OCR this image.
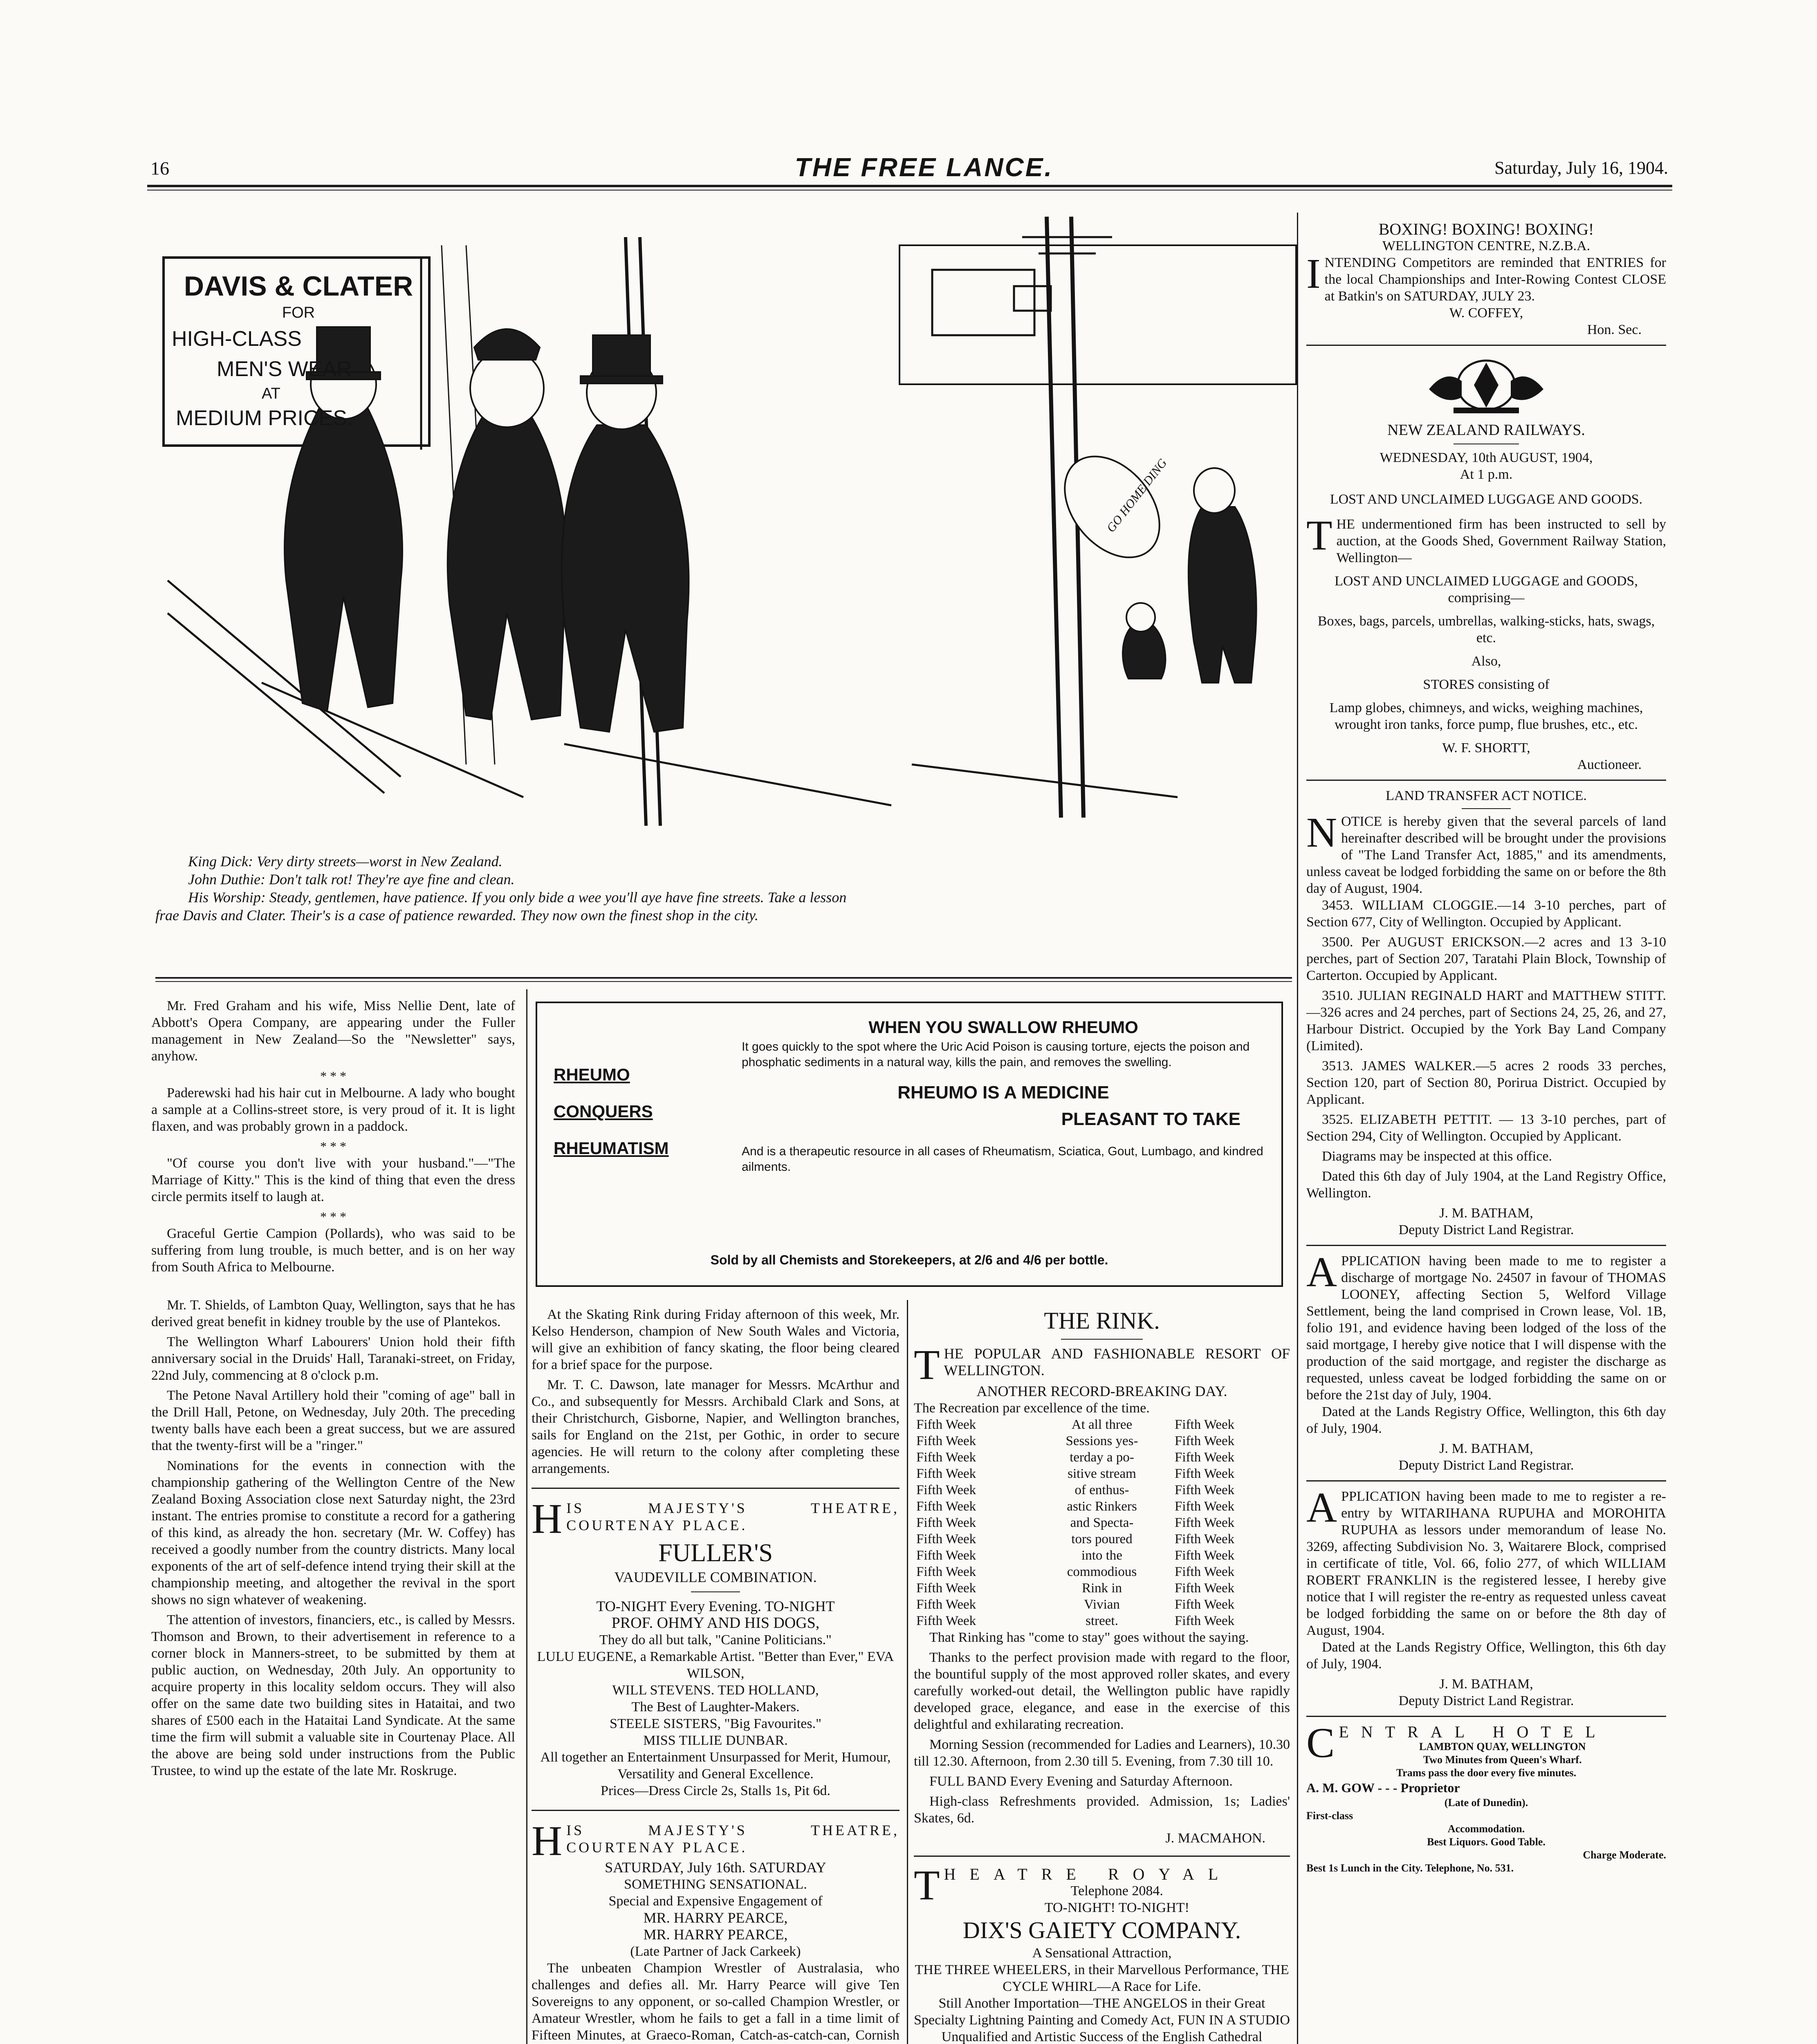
16	THE FREE LANCE.	Saturday, July 16, 1904.
GO HOME DING
DAVIS & CLATER
FOR
HIGH-CLASS
MEN'S WEAR
AT
MEDIUM PRICES.
King Dick: Very dirty streets—worst in New Zealand.
John Duthie: Don't talk rot! They're aye fine and clean.
His Worship: Steady, gentlemen, have patience. If you only bide a wee you'll aye have fine streets. Take a lesson
frae Davis and Clater. Their's is a case of patience rewarded. They now own the finest shop in the city.

Mr. Fred Graham and his wife, Miss Nellie Dent, late of Abbott's Opera Company, are appearing under the Fuller management in New Zealand—So the "Newsletter" says, anyhow.

* * *

Paderewski had his hair cut in Melbourne. A lady who bought a sample at a Collins-street store, is very proud of it. It is light flaxen, and was probably grown in a paddock.

* * *

"Of course you don't live with your husband."—"The Marriage of Kitty." This is the kind of thing that even the dress circle permits itself to laugh at.

* * *

Graceful Gertie Campion (Pollards), who was said to be suffering from lung trouble, is much better, and is on her way from South Africa to Melbourne.

Mr. T. Shields, of Lambton Quay, Wellington, says that he has derived great benefit in kidney trouble by the use of Plantekos.

The Wellington Wharf Labourers' Union hold their fifth anniversary social in the Druids' Hall, Taranaki-street, on Friday, 22nd July, commencing at 8 o'clock p.m.

The Petone Naval Artillery hold their "coming of age" ball in the Drill Hall, Petone, on Wednesday, July 20th. The preceding twenty balls have each been a great success, but we are assured that the twenty-first will be a "ringer."

Nominations for the events in connection with the championship gathering of the Wellington Centre of the New Zealand Boxing Association close next Saturday night, the 23rd instant. The entries promise to constitute a record for a gathering of this kind, as already the hon. secretary (Mr. W. Coffey) has received a goodly number from the country districts. Many local exponents of the art of self-defence intend trying their skill at the championship meeting, and altogether the revival in the sport shows no sign whatever of weakening.

The attention of investors, financiers, etc., is called by Messrs. Thomson and Brown, to their advertisement in reference to a corner block in Manners-street, to be submitted by them at public auction, on Wednesday, 20th July. An opportunity to acquire property in this locality seldom occurs. They will also offer on the same date two building sites in Hataitai, and two shares of £500 each in the Hataitai Land Syndicate. At the same time the firm will submit a valuable site in Courtenay Place. All the above are being sold under instructions from the Public Trustee, to wind up the estate of the late Mr. Roskruge.

RHEUMO
CONQUERS
RHEUMATISM
WHEN YOU SWALLOW RHEUMO
It goes quickly to the spot where the Uric Acid Poison is causing torture, ejects the poison and phosphatic sediments in a natural way, kills the pain, and removes the swelling.
RHEUMO IS A MEDICINE
PLEASANT TO TAKE
And is a therapeutic resource in all cases of Rheumatism, Sciatica, Gout, Lumbago, and kindred ailments.
Sold by all Chemists and Storekeepers, at 2/6 and 4/6 per bottle.

At the Skating Rink during Friday afternoon of this week, Mr. Kelso Henderson, champion of New South Wales and Victoria, will give an exhibition of fancy skating, the floor being cleared for a brief space for the purpose.

Mr. T. C. Dawson, late manager for Messrs. McArthur and Co., and subsequently for Messrs. Archibald Clark and Sons, at their Christchurch, Gisborne, Napier, and Wellington branches, sails for England on the 21st, per Gothic, in order to secure agencies. He will return to the colony after completing these arrangements.

HIS MAJESTY'S THEATRE, COURTENAY PLACE.
FULLER'S
VAUDEVILLE COMBINATION.
TO-NIGHT Every Evening. TO-NIGHT
PROF. OHMY AND HIS DOGS,
They do all but talk, "Canine Politicians."
LULU EUGENE, a Remarkable Artist. "Better than Ever," EVA WILSON,
WILL STEVENS. TED HOLLAND,
The Best of Laughter-Makers.
STEELE SISTERS, "Big Favourites."
MISS TILLIE DUNBAR.
All together an Entertainment Unsurpassed for Merit, Humour, Versatility and General Excellence.
Prices—Dress Circle 2s, Stalls 1s, Pit 6d.
HIS MAJESTY'S THEATRE, COURTENAY PLACE.
SATURDAY, July 16th. SATURDAY
SOMETHING SENSATIONAL.
Special and Expensive Engagement of
MR. HARRY PEARCE,
MR. HARRY PEARCE,
(Late Partner of Jack Carkeek)

The unbeaten Champion Wrestler of Australasia, who challenges and defies all. Mr. Harry Pearce will give Ten Sovereigns to any opponent, or so-called Champion Wrestler, or Amateur Wrestler, whom he fails to get a fall in a time limit of Fifteen Minutes, at Graeco-Roman, Catch-as-catch-can, Cornish

THE RINK.
THE POPULAR AND FASHIONABLE RESORT OF WELLINGTON.
ANOTHER RECORD-BREAKING DAY.
The Recreation par excellence of the time.
Fifth Week	At all three	Fifth Week
Fifth Week	Sessions yes-	Fifth Week
Fifth Week	terday a po-	Fifth Week
Fifth Week	sitive stream	Fifth Week
Fifth Week	of enthus-	Fifth Week
Fifth Week	astic Rinkers	Fifth Week
Fifth Week	and Specta-	Fifth Week
Fifth Week	tors poured	Fifth Week
Fifth Week	into the	Fifth Week
Fifth Week	commodious	Fifth Week
Fifth Week	Rink in	Fifth Week
Fifth Week	Vivian	Fifth Week
Fifth Week	street.	Fifth Week

That Rinking has "come to stay" goes without the saying.

Thanks to the perfect provision made with regard to the floor, the bountiful supply of the most approved roller skates, and every carefully worked-out detail, the Wellington public have rapidly developed grace, elegance, and ease in the exercise of this delightful and exhilarating recreation.

Morning Session (recommended for Ladies and Learners), 10.30 till 12.30. Afternoon, from 2.30 till 5. Evening, from 7.30 till 10.

FULL BAND Every Evening and Saturday Afternoon.

High-class Refreshments provided. Admission, 1s; Ladies' Skates, 6d.

J. MACMAHON.
THEATRE ROYAL
Telephone 2084.
TO-NIGHT! TO-NIGHT!
DIX'S GAIETY COMPANY.
A Sensational Attraction,
THE THREE WHEELERS, in their Marvellous Performance, THE CYCLE WHIRL—A Race for Life.
Still Another Importation—THE ANGELOS in their Great Specialty Lightning Painting and Comedy Act, FUN IN A STUDIO
Unqualified and Artistic Success of the English Cathedral
BOXING! BOXING! BOXING!
WELLINGTON CENTRE, N.Z.B.A.
INTENDING Competitors are reminded that ENTRIES for the local Championships and Inter-Rowing Contest CLOSE at Batkin's on SATURDAY, JULY 23.
W. COFFEY,
Hon. Sec.
NEW ZEALAND RAILWAYS.
WEDNESDAY, 10th AUGUST, 1904,
At 1 p.m.
LOST AND UNCLAIMED LUGGAGE AND GOODS.
THE undermentioned firm has been instructed to sell by auction, at the Goods Shed, Government Railway Station, Wellington—
LOST AND UNCLAIMED LUGGAGE and GOODS, comprising—
Boxes, bags, parcels, umbrellas, walking-sticks, hats, swags, etc.
Also,
STORES consisting of
Lamp globes, chimneys, and wicks, weighing machines, wrought iron tanks, force pump, flue brushes, etc., etc.
W. F. SHORTT,
Auctioneer.
LAND TRANSFER ACT NOTICE.
NOTICE is hereby given that the several parcels of land hereinafter described will be brought under the provisions of "The Land Transfer Act, 1885," and its amendments, unless caveat be lodged forbidding the same on or before the 8th day of August, 1904.

3453. WILLIAM CLOGGIE.—14 3-10 perches, part of Section 677, City of Wellington. Occupied by Applicant.

3500. Per AUGUST ERICKSON.—2 acres and 13 3-10 perches, part of Section 207, Taratahi Plain Block, Township of Carterton. Occupied by Applicant.

3510. JULIAN REGINALD HART and MATTHEW STITT.—326 acres and 24 perches, part of Sections 24, 25, 26, and 27, Harbour District. Occupied by the York Bay Land Company (Limited).

3513. JAMES WALKER.—5 acres 2 roods 33 perches, Section 120, part of Section 80, Porirua District. Occupied by Applicant.

3525. ELIZABETH PETTIT. — 13 3-10 perches, part of Section 294, City of Wellington. Occupied by Applicant.

Diagrams may be inspected at this office.

Dated this 6th day of July 1904, at the Land Registry Office, Wellington.

J. M. BATHAM,
Deputy District Land Registrar.
APPLICATION having been made to me to register a discharge of mortgage No. 24507 in favour of THOMAS LOONEY, affecting Section 5, Welford Village Settlement, being the land comprised in Crown lease, Vol. 1B, folio 191, and evidence having been lodged of the loss of the said mortgage, I hereby give notice that I will dispense with the production of the said mortgage, and register the discharge as requested, unless caveat be lodged forbidding the same on or before the 21st day of July, 1904.

Dated at the Lands Registry Office, Wellington, this 6th day of July, 1904.

J. M. BATHAM,
Deputy District Land Registrar.
APPLICATION having been made to me to register a re-entry by WITARIHANA RUPUHA and MOROHITA RUPUHA as lessors under memorandum of lease No. 3269, affecting Subdivision No. 3, Waitarere Block, comprised in certificate of title, Vol. 66, folio 277, of which WILLIAM ROBERT FRANKLIN is the registered lessee, I hereby give notice that I will register the re-entry as requested unless caveat be lodged forbidding the same on or before the 8th day of August, 1904.

Dated at the Lands Registry Office, Wellington, this 6th day of July, 1904.

J. M. BATHAM,
Deputy District Land Registrar.
CENTRAL HOTEL
LAMBTON QUAY, WELLINGTON
Two Minutes from Queen's Wharf.
Trams pass the door every five minutes.
A. M. GOW - - - Proprietor
(Late of Dunedin).
First-class
Accommodation.
Best Liquors. Good Table.
Charge Moderate.
Best 1s Lunch in the City. Telephone, No. 531.
